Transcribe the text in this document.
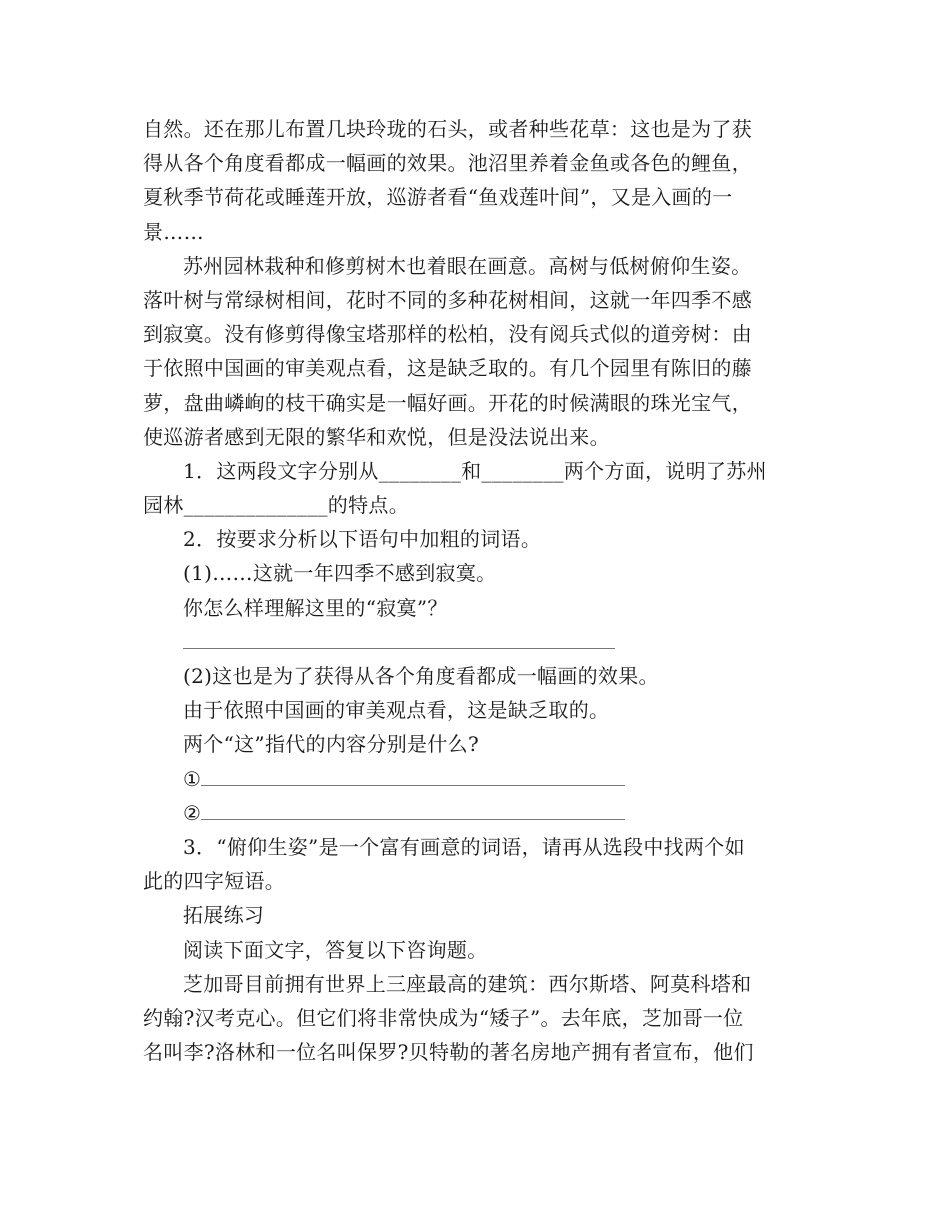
自然。还在那儿布置几块玲珑的石头，或者种些花草：这也是为了获
得从各个角度看都成一幅画的效果。池沼里养着金鱼或各色的鲤鱼，
夏秋季节荷花或睡莲开放，巡游者看“鱼戏莲叶间”，又是入画的一
景……
苏州园林栽种和修剪树木也着眼在画意。高树与低树俯仰生姿。
落叶树与常绿树相间，花时不同的多种花树相间，这就一年四季不感
到寂寞。没有修剪得像宝塔那样的松柏，没有阅兵式似的道旁树：由
于依照中国画的审美观点看，这是缺乏取的。有几个园里有陈旧的藤
萝，盘曲嶙峋的枝干确实是一幅好画。开花的时候满眼的珠光宝气，
使巡游者感到无限的繁华和欢悦，但是没法说出来。
1．这两段文字分别从________和________两个方面，说明了苏州
园林______________的特点。
2．按要求分析以下语句中加粗的词语。
(1)……这就一年四季不感到寂寞。
你怎么样理解这里的“寂寞”？
(2)这也是为了获得从各个角度看都成一幅画的效果。
由于依照中国画的审美观点看，这是缺乏取的。
两个“这”指代的内容分别是什么?
①
②
3．“俯仰生姿”是一个富有画意的词语，请再从选段中找两个如
此的四字短语。
拓展练习
阅读下面文字，答复以下咨询题。
芝加哥目前拥有世界上三座最高的建筑：西尔斯塔、阿莫科塔和
约翰?汉考克心。但它们将非常快成为“矮子”。去年底，芝加哥一位
名叫李?洛林和一位名叫保罗?贝特勒的著名房地产拥有者宣布，他们
